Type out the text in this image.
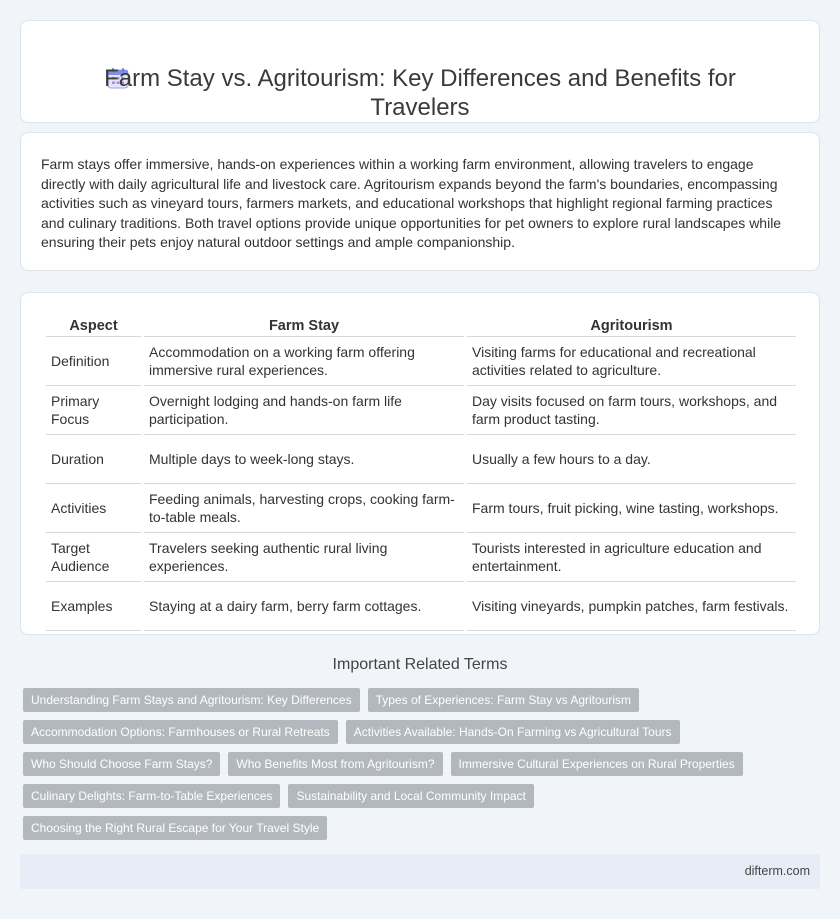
Farm Stay vs. Agritourism: Key Differences and Benefits for Travelers

Farm stays offer immersive, hands-on experiences within a working farm environment, allowing travelers to engage directly with daily agricultural life and livestock care. Agritourism expands beyond the farm's boundaries, encompassing activities such as vineyard tours, farmers markets, and educational workshops that highlight regional farming practices and culinary traditions. Both travel options provide unique opportunities for pet owners to explore rural landscapes while ensuring their pets enjoy natural outdoor settings and ample companionship.

Aspect	Farm Stay	Agritourism
Definition	Accommodation on a working farm offering immersive rural experiences.	Visiting farms for educational and recreational activities related to agriculture.
Primary Focus	Overnight lodging and hands-on farm life participation.	Day visits focused on farm tours, workshops, and farm product tasting.
Duration	Multiple days to week-long stays.	Usually a few hours to a day.
Activities	Feeding animals, harvesting crops, cooking farm-to-table meals.	Farm tours, fruit picking, wine tasting, workshops.
Target Audience	Travelers seeking authentic rural living experiences.	Tourists interested in agriculture education and entertainment.
Examples	Staying at a dairy farm, berry farm cottages.	Visiting vineyards, pumpkin patches, farm festivals.
Important Related Terms
Understanding Farm Stays and Agritourism: Key Differences	Types of Experiences: Farm Stay vs Agritourism
Accommodation Options: Farmhouses or Rural Retreats	Activities Available: Hands-On Farming vs Agricultural Tours
Who Should Choose Farm Stays?	Who Benefits Most from Agritourism?	Immersive Cultural Experiences on Rural Properties
Culinary Delights: Farm-to-Table Experiences	Sustainability and Local Community Impact
Choosing the Right Rural Escape for Your Travel Style
difterm.com
